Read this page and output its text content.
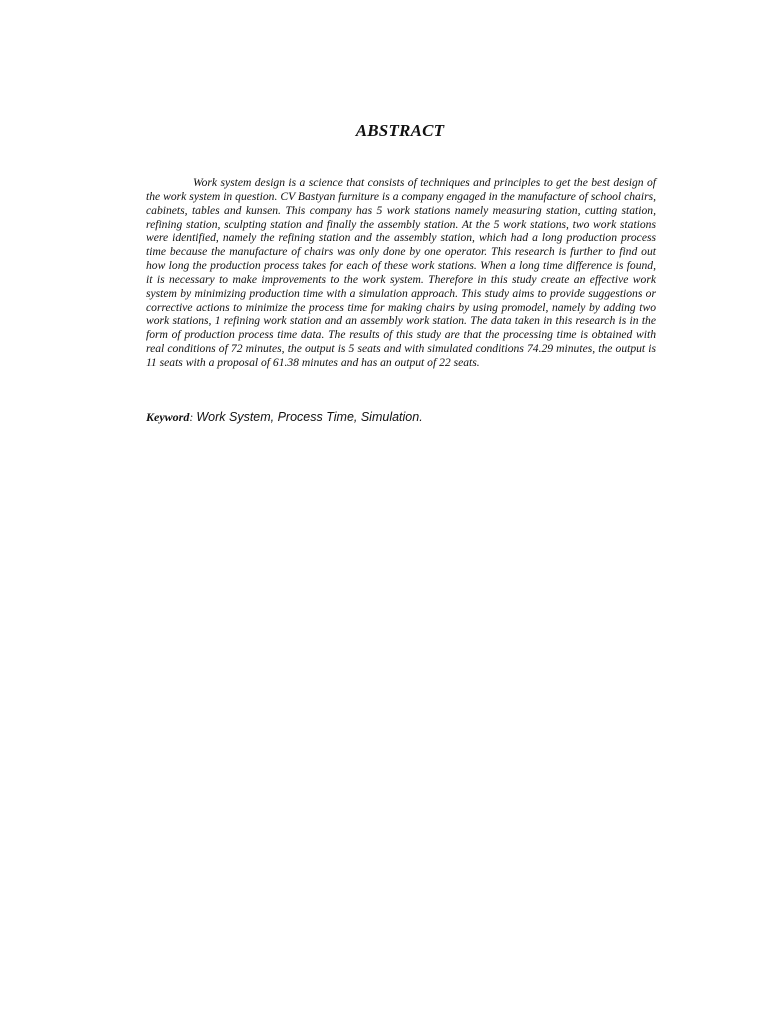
ABSTRACT

Work system design is a science that consists of techniques and principles to get the best design of the work system in question. CV Bastyan furniture is a company engaged in the manufacture of school chairs, cabinets, tables and kunsen. This company has 5 work stations namely measuring station, cutting station, refining station, sculpting station and finally the assembly station. At the 5 work stations, two work stations were identified, namely the refining station and the assembly station, which had a long production process time because the manufacture of chairs was only done by one operator. This research is further to find out how long the production process takes for each of these work stations. When a long time difference is found, it is necessary to make improvements to the work system. Therefore in this study create an effective work system by minimizing production time with a simulation approach. This study aims to provide suggestions or corrective actions to minimize the process time for making chairs by using promodel, namely by adding two work stations, 1 refining work station and an assembly work station. The data taken in this research is in the form of production process time data. The results of this study are that the processing time is obtained with real conditions of 72 minutes, the output is 5 seats and with simulated conditions 74.29 minutes, the output is 11 seats with a proposal of 61.38 minutes and has an output of 22 seats.

Keyword: Work System, Process Time, Simulation.
